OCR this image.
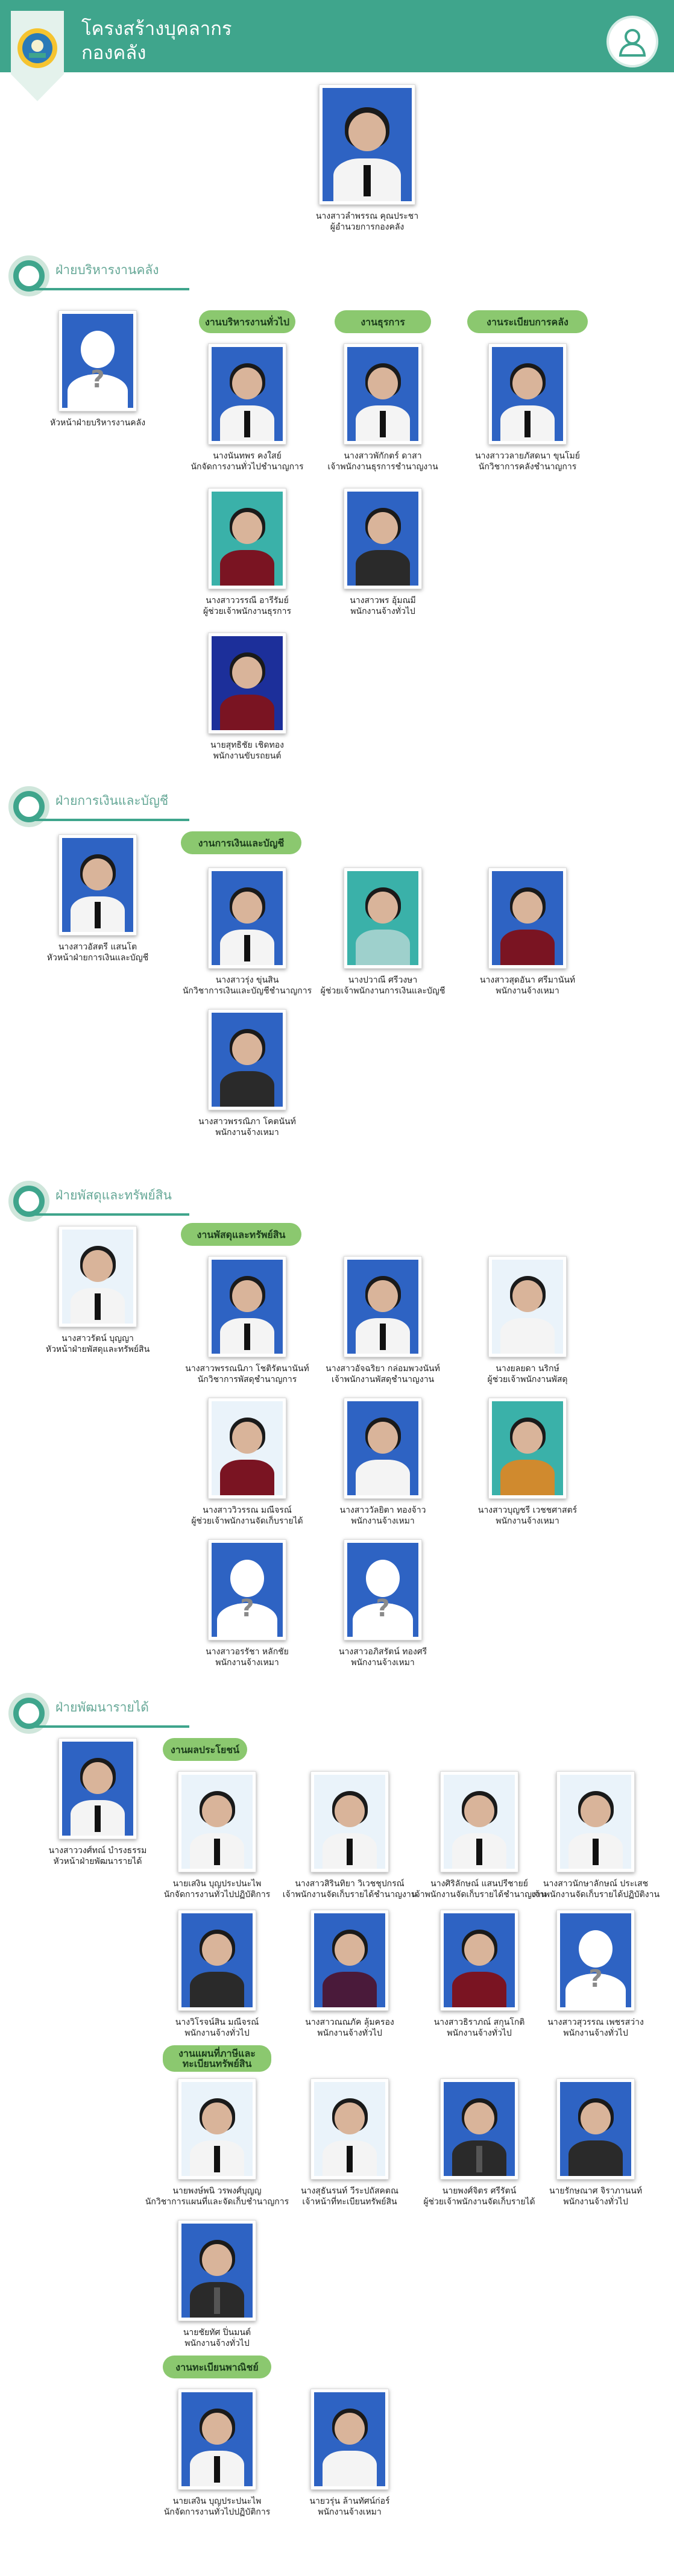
โครงสร้างบุคลากร
กองคลัง
นางสาวลำพรรณ คุณประชา
ผู้อำนวยการกองคลัง
ฝ่ายบริหารงานคลัง
?
หัวหน้าฝ่ายบริหารงานคลัง
งานบริหารงานทั่วไป	งานธุรการ	งานระเบียบการคลัง
นางนันทพร คงใสย์
นักจัดการงานทั่วไปชำนาญการ
นางสาวพักักตร์ ดาสา
เจ้าพนักงานธุรการชำนาญงาน
นางสาววลายภัสดนา ขุนโมย์
นักวิชาการคลังชำนาญการ
นางสาววรรณี อารีรัมย์
ผู้ช่วยเจ้าพนักงานธุรการ
นางสาวพร อุ้มณมี
พนักงานจ้างทั่วไป
นายสุทธิชัย เชิดทอง
พนักงานขับรถยนต์
ฝ่ายการเงินและบัญชี
นางสาวอัสตรี แสนโต
หัวหน้าฝ่ายการเงินและบัญชี
งานการเงินและบัญชี
นางสาวรุ่ง ขุ่นสิน
นักวิชาการเงินและบัญชีชำนาญการ
นางปวาณี ศรีวงษา
ผู้ช่วยเจ้าพนักงานการเงินและบัญชี
นางสาวสุดอันา ศรีมานันท์
พนักงานจ้างเหมา
นางสาวพรรณิภา โคตนันท์
พนักงานจ้างเหมา
ฝ่ายพัสดุและทรัพย์สิน
นางสาวรัตน์ บุญญา
หัวหน้าฝ่ายพัสดุและทรัพย์สิน
งานพัสดุและทรัพย์สิน
นางสาวพรรณนิภา โชติรัตนานันท์
นักวิชาการพัสดุชำนาญการ
นางสาวอัจฉริยา กล่อมพวงนันท์
เจ้าพนักงานพัสดุชำนาญงาน
นางยลยดา นริกษ์
ผู้ช่วยเจ้าพนักงานพัสดุ
นางสาววิวรรณ มณีจรณ์
ผู้ช่วยเจ้าพนักงานจัดเก็บรายได้
นางสาววัลยิตา ทองจ้าว
พนักงานจ้างเหมา
นางสาวบุญชรี เวชชศาสตร์
พนักงานจ้างเหมา
?
นางสาวอรรัชา หลักชัย
พนักงานจ้างเหมา
?
นางสาวอภิสรัตน์ ทองศรี
พนักงานจ้างเหมา
ฝ่ายพัฒนารายได้
นางสาววงศ์ทณ์ บำรงธรรม
หัวหน้าฝ่ายพัฒนารายได้
งานผลประโยชน์
นายเสงิน บุญประปนะไพ
นักจัดการงานทั่วไปปฏิบัติการ
นางสาวสิรินทิยา วิเวชชุปกรณ์
เจ้าพนักงานจัดเก็บรายได้ชำนาญงาน
นางศิริลักษณ์ แสนปรีชายย์
เจ้าพนักงานจัดเก็บรายได้ชำนาญงาน
นางสาวนักษาลักษณ์ ประเสช
เจ้าพนักงานจัดเก็บรายได้ปฏิบัติงาน
นางวิโรจน์สิน มณีจรณ์
พนักงานจ้างทั่วไป
นางสาวณณภัค ลุ้มครอง
พนักงานจ้างทั่วไป
นางสาวธิราภณ์ สกุนโกติ
พนักงานจ้างทั่วไป
?
นางสาวสุวรรณ เพชรสว่าง
พนักงานจ้างทั่วไป
งานแผนที่ภาษีและทะเบียนทรัพย์สิน
นายพงษ์พนิ วรพงศ์บุญญ
นักวิชาการแผนที่และจัดเก็บชำนาญการ
นางสุธันรนท์ วีระปถัสคตณ
เจ้าหน้าที่ทะเบียนทรัพย์สิน
นายพงศ์จิตร ศรีรัตน์
ผู้ช่วยเจ้าพนักงานจัดเก็บรายได้
นายรักษณาศ จิราภานนท์
พนักงานจ้างทั่วไป
นายชัยทัศ ปิ่นมนต์
พนักงานจ้างทั่วไป
งานทะเบียนพาณิชย์
นายเสงิน บุญประปนะไพ
นักจัดการงานทั่วไปปฏิบัติการ
นายวรุ่น ล้านทัศน์ก่อร์
พนักงานจ้างเหมา
